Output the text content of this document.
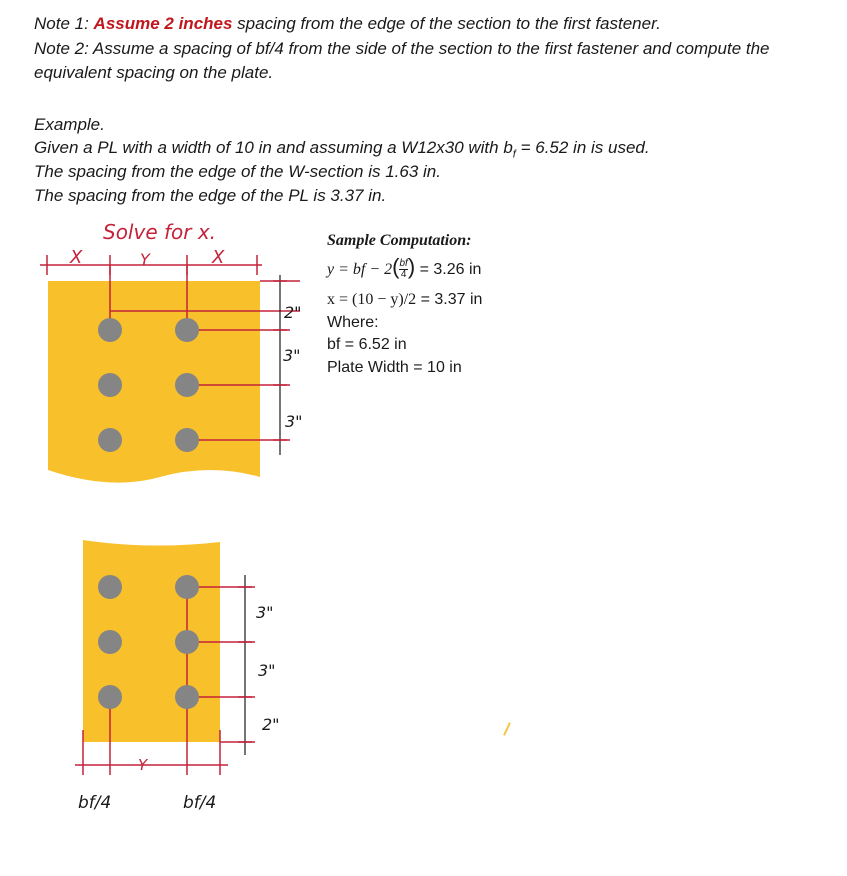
Note 1: Assume 2 inches spacing from the edge of the section to the first fastener.
Note 2: Assume a spacing of bf/4 from the side of the section to the first fastener and compute the
equivalent spacing on the plate.
Example.
Given a PL with a width of 10 in and assuming a W12x30 with $b_f = 6.52$ in is used.
The spacing from the edge of the W-section is 1.63 in.
The spacing from the edge of the PL is 3.37 in.
Sample Computation:
y = bf − $2( \frac{bf}{4}$ ) = 3.26 in
x = (10 − y)/2 = 3.37 in
Where:
bf = 6.52 in
Plate Width = 10 in
Solve for x.
X	Y	X
2"
3"
3"
3"
3"
2"
Y
bf/4	bf/4
